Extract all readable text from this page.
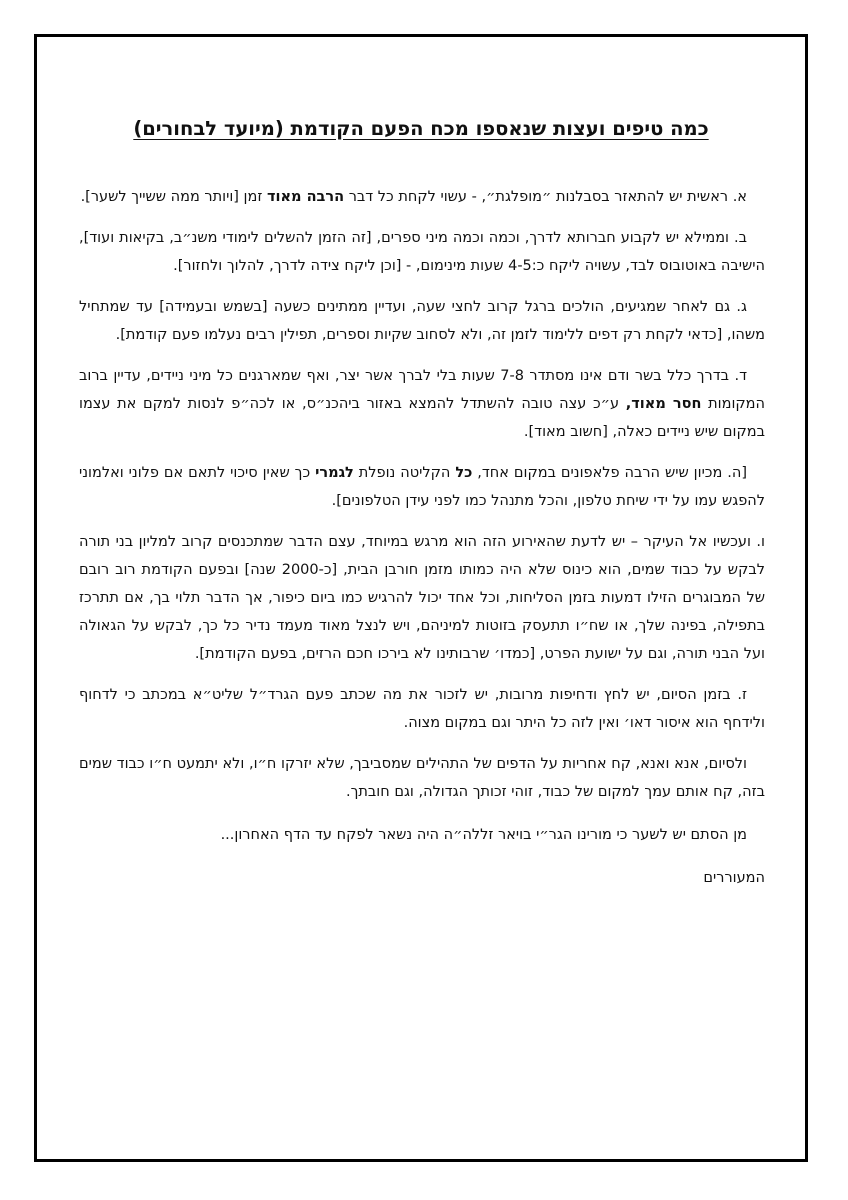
כמה טיפים ועצות שנאספו מכח הפעם הקודמת (מיועד לבחורים)

א. ראשית יש להתאזר בסבלנות ״מופלגת״, - עשוי לקחת כל דבר הרבה מאוד זמן [ויותר ממה ששייך לשער].

ב. וממילא יש לקבוע חברותא לדרך, וכמה וכמה מיני ספרים, [זה הזמן להשלים לימודי משנ״ב, בקיאות ועוד], הישיבה באוטובוס לבד, עשויה ליקח כ:4-5 שעות מינימום, - [וכן ליקח צידה לדרך, להלוך ולחזור].

ג. גם לאחר שמגיעים, הולכים ברגל קרוב לחצי שעה, ועדיין ממתינים כשעה [בשמש ובעמידה] עד שמתחיל משהו, [כדאי לקחת רק דפים ללימוד לזמן זה, ולא לסחוב שקיות וספרים, תפילין רבים נעלמו פעם קודמת].

ד. בדרך כלל בשר ודם אינו מסתדר 7-8 שעות בלי לברך אשר יצר, ואף שמארגנים כל מיני ניידים, עדיין ברוב המקומות חסר מאוד, ע״כ עצה טובה להשתדל להמצא באזור ביהכנ״ס, או לכה״פ לנסות למקם את עצמו במקום שיש ניידים כאלה, [חשוב מאוד].

[ה. מכיון שיש הרבה פלאפונים במקום אחד, כל הקליטה נופלת לגמרי כך שאין סיכוי לתאם אם פלוני ואלמוני להפגש עמו על ידי שיחת טלפון, והכל מתנהל כמו לפני עידן הטלפונים].

ו. ועכשיו אל העיקר – יש לדעת שהאירוע הזה הוא מרגש במיוחד, עצם הדבר שמתכנסים קרוב למליון בני תורה לבקש על כבוד שמים, הוא כינוס שלא היה כמותו מזמן חורבן הבית, [כ-2000 שנה] ובפעם הקודמת רוב רובם של המבוגרים הזילו דמעות בזמן הסליחות, וכל אחד יכול להרגיש כמו ביום כיפור, אך הדבר תלוי בך, אם תתרכז בתפילה, בפינה שלך, או שח״ו תתעסק בזוטות למיניהם, ויש לנצל מאוד מעמד נדיר כל כך, לבקש על הגאולה ועל הבני תורה, וגם על ישועת הפרט, [כמדו׳ שרבותינו לא בירכו חכם הרזים, בפעם הקודמת].

ז. בזמן הסיום, יש לחץ ודחיפות מרובות, יש לזכור את מה שכתב פעם הגרד״ל שליט״א במכתב כי לדחוף ולידחף הוא איסור דאו׳ ואין לזה כל היתר וגם במקום מצוה.

ולסיום, אנא ואנא, קח אחריות על הדפים של התהילים שמסביבך, שלא יזרקו ח״ו, ולא יתמעט ח״ו כבוד שמים בזה, קח אותם עמך למקום של כבוד, זוהי זכותך הגדולה, וגם חובתך.

מן הסתם יש לשער כי מורינו הגר״י בויאר זללה״ה היה נשאר לפקח עד הדף האחרון...

המעוררים
